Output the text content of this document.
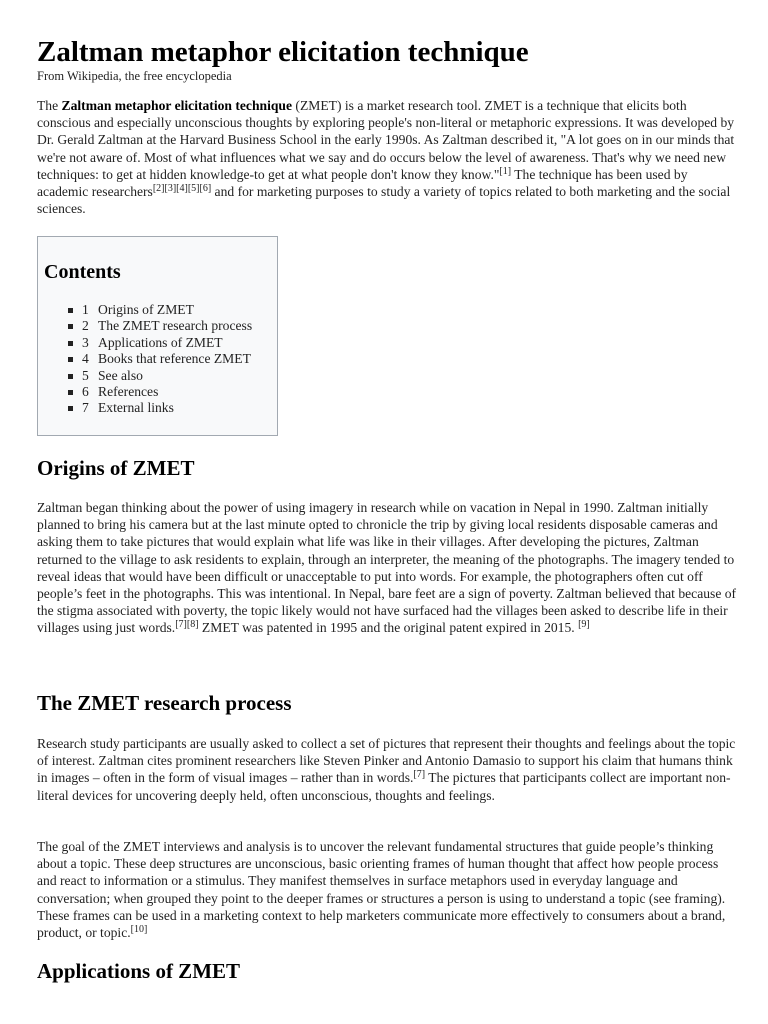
Zaltman metaphor elicitation technique
From Wikipedia, the free encyclopedia

The Zaltman metaphor elicitation technique (ZMET) is a market research tool. ZMET is a technique that elicits both conscious and especially unconscious thoughts by exploring people's non-literal or metaphoric expressions. It was developed by Dr. Gerald Zaltman at the Harvard Business School in the early 1990s. As Zaltman described it, "A lot goes on in our minds that we're not aware of. Most of what influences what we say and do occurs below the level of awareness. That's why we need new techniques: to get at hidden knowledge-to get at what people don't know they know."[1] The technique has been used by academic researchers[2][3][4][5][6] and for marketing purposes to study a variety of topics related to both marketing and the social sciences.

Contents
1 Origins of ZMET
2 The ZMET research process
3 Applications of ZMET
4 Books that reference ZMET
5 See also
6 References
7 External links
Origins of ZMET

Zaltman began thinking about the power of using imagery in research while on vacation in Nepal in 1990. Zaltman initially planned to bring his camera but at the last minute opted to chronicle the trip by giving local residents disposable cameras and asking them to take pictures that would explain what life was like in their villages. After developing the pictures, Zaltman returned to the village to ask residents to explain, through an interpreter, the meaning of the photographs. The imagery tended to reveal ideas that would have been difficult or unacceptable to put into words. For example, the photographers often cut off people’s feet in the photographs. This was intentional. In Nepal, bare feet are a sign of poverty. Zaltman believed that because of the stigma associated with poverty, the topic likely would not have surfaced had the villages been asked to describe life in their villages using just words.[7][8] ZMET was patented in 1995 and the original patent expired in 2015. [9]

The ZMET research process

Research study participants are usually asked to collect a set of pictures that represent their thoughts and feelings about the topic of interest. Zaltman cites prominent researchers like Steven Pinker and Antonio Damasio to support his claim that humans think in images – often in the form of visual images – rather than in words.[7] The pictures that participants collect are important non-literal devices for uncovering deeply held, often unconscious, thoughts and feelings.

The goal of the ZMET interviews and analysis is to uncover the relevant fundamental structures that guide people’s thinking about a topic. These deep structures are unconscious, basic orienting frames of human thought that affect how people process and react to information or a stimulus. They manifest themselves in surface metaphors used in everyday language and conversation; when grouped they point to the deeper frames or structures a person is using to understand a topic (see framing). These frames can be used in a marketing context to help marketers communicate more effectively to consumers about a brand, product, or topic.[10]

Applications of ZMET
